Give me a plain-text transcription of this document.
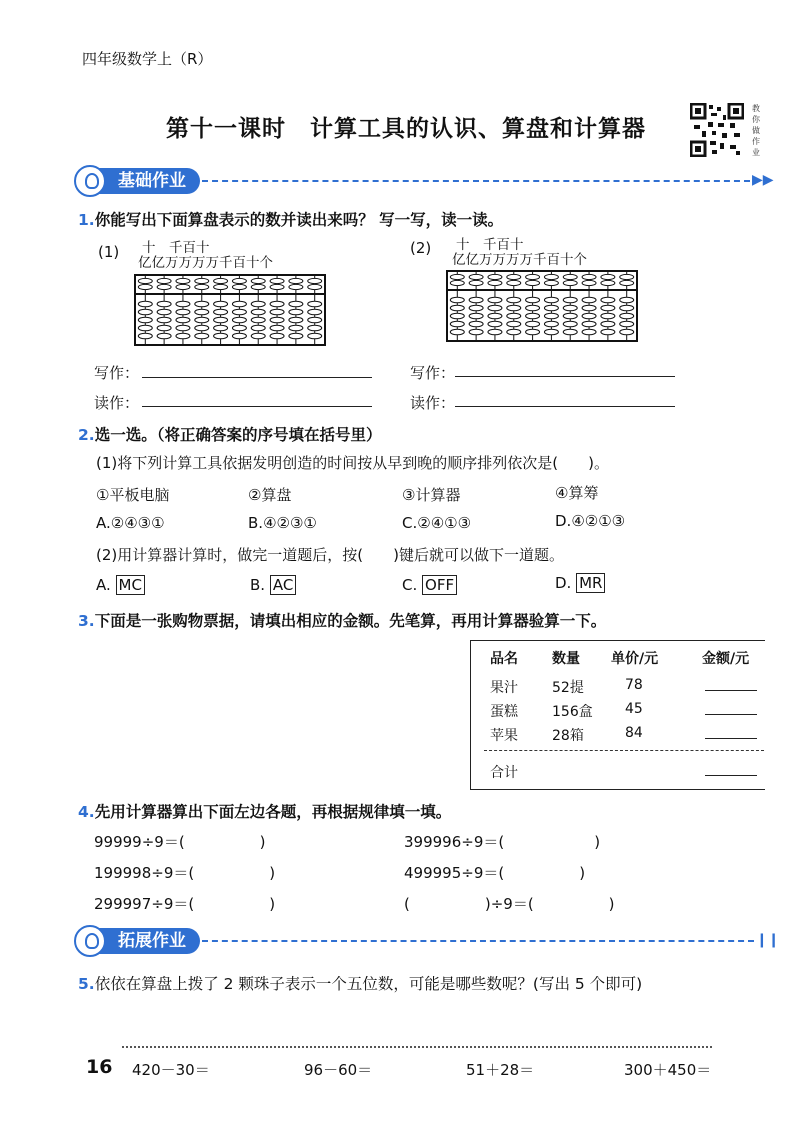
四年级数学上（R）
第十一课时　计算工具的认识、算盘和计算器
教你做作业
基础作业	▶▶
1.你能写出下面算盘表示的数并读出来吗？ 写一写，读一读。
(1) 十　千百十
亿亿万万万万千百十个
(2) 十　千百十
亿亿万万万万千百十个
写作：
读作：
写作：
读作：
2.选一选。（将正确答案的序号填在括号里）
(1)将下列计算工具依据发明创造的时间按从早到晚的顺序排列依次是(　　)。
①平板电脑	②算盘	③计算器	④算筹
A.②④③①	B.④②③①	C.②④①③	D.④②①③
(2)用计算器计算时，做完一道题后，按(　　)键后就可以做下一道题。
A. MC	B. AC	C. OFF	D. MR
3.下面是一张购物票据，请填出相应的金额。先笔算，再用计算器验算一下。
品名 数量 单价/元	金额/元
果汁 52提	78
蛋糕 156盒 45
苹果 28箱	84
合计
4.先用计算器算出下面左边各题，再根据规律填一填。
99999÷9＝(　　　　　)
199998÷9＝(　　　　　)
299997÷9＝(　　　　　)
399996÷9＝(　　　　　　)
499995÷9＝(　　　　　)
(　　　　　)÷9＝(　　　　　)
拓展作业	❙❙
5.依依在算盘上拨了 2 颗珠子表示一个五位数，可能是哪些数呢？(写出 5 个即可)
16 420－30＝	96－60＝	51＋28＝	300＋450＝
